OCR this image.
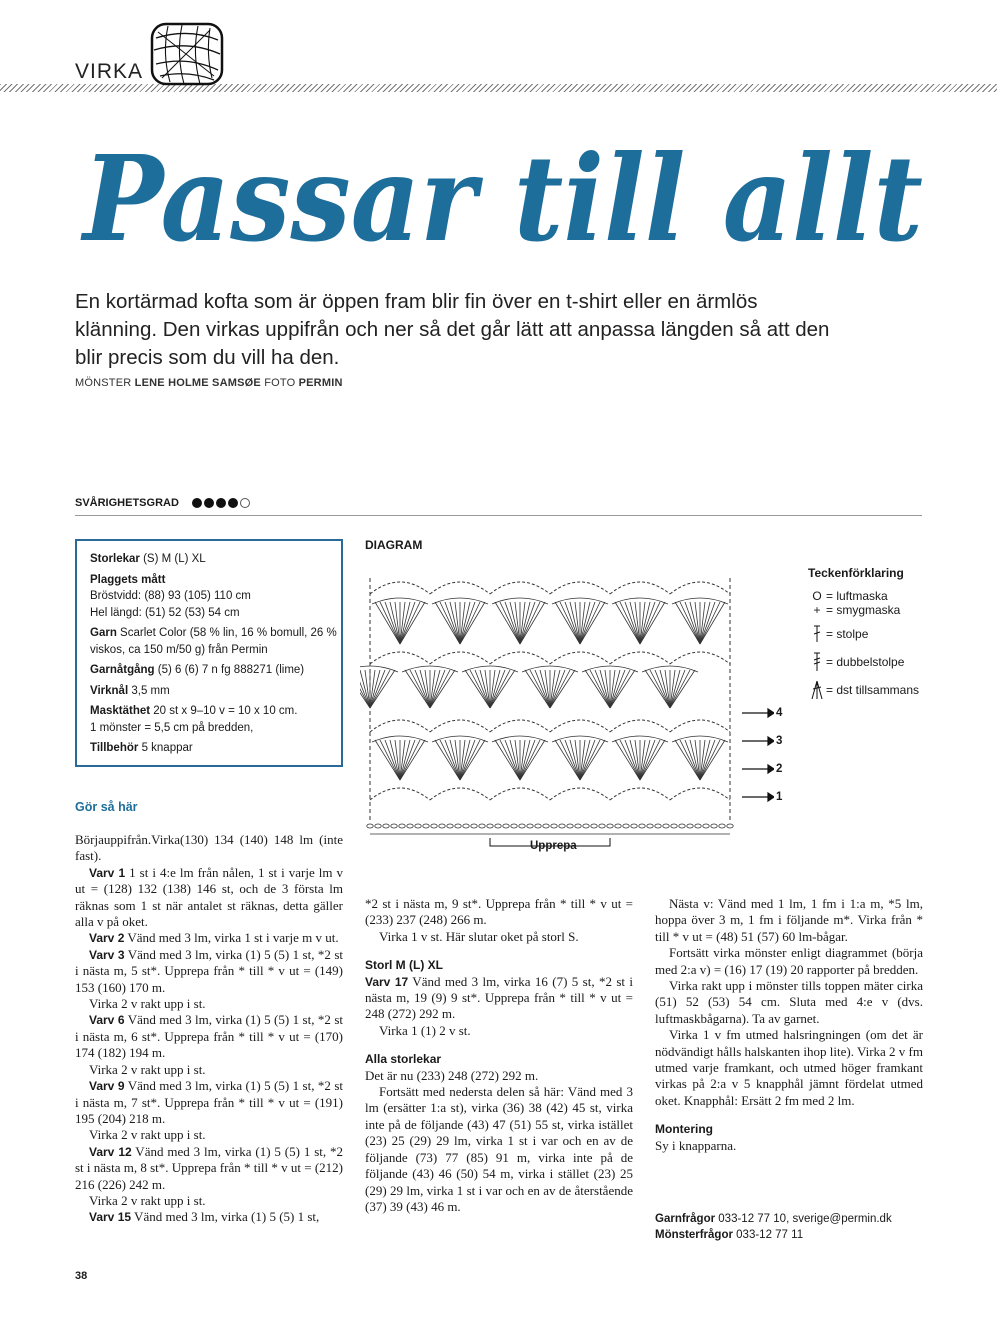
VIRKA
Passar till allt
En kortärmad kofta som är öppen fram blir fin över en t-shirt eller en ärmlös klänning. Den virkas uppifrån och ner så det går lätt att anpassa längden så att den blir precis som du vill ha den.
MÖNSTER LENE HOLME SAMSØE FOTO PERMIN
SVÅRIGHETSGRAD

Storlekar (S) M (L) XL

Plaggets mått

Bröstvidd: (88) 93 (105) 110 cm

Hel längd: (51) 52 (53) 54 cm

Garn Scarlet Color (58 % lin, 16 % bomull, 26 % viskos, ca 150 m/50 g) från Permin

Garnåtgång (5) 6 (6) 7 n fg 888271 (lime)

Virknål 3,5 mm

Masktäthet 20 st x 9–10 v = 10 x 10 cm.

1 mönster = 5,5 cm på bredden,

Tillbehör 5 knappar

Gör så här

Börjauppifrån.Virka(130) 134 (140) 148 lm (inte fast).

Varv 1 1 st i 4:e lm från nålen, 1 st i varje lm v ut = (128) 132 (138) 146 st, och de 3 första lm räknas som 1 st när antalet st räknas, detta gäller alla v på oket.

Varv 2 Vänd med 3 lm, virka 1 st i varje m v ut.

Varv 3 Vänd med 3 lm, virka (1) 5 (5) 1 st, *2 st i nästa m, 5 st*. Upprepa från * till * v ut = (149) 153 (160) 170 m.

Virka 2 v rakt upp i st.

Varv 6 Vänd med 3 lm, virka (1) 5 (5) 1 st, *2 st i nästa m, 6 st*. Upprepa från * till * v ut = (170) 174 (182) 194 m.

Virka 2 v rakt upp i st.

Varv 9 Vänd med 3 lm, virka (1) 5 (5) 1 st, *2 st i nästa m, 7 st*. Upprepa från * till * v ut = (191) 195 (204) 218 m.

Virka 2 v rakt upp i st.

Varv 12 Vänd med 3 lm, virka (1) 5 (5) 1 st, *2 st i nästa m, 8 st*. Upprepa från * till * v ut = (212) 216 (226) 242 m.

Virka 2 v rakt upp i st.

Varv 15 Vänd med 3 lm, virka (1) 5 (5) 1 st,

DIAGRAM
Upprepa
4
3
2
1
Teckenförklaring
O = luftmaska
+ = smygmaska
= stolpe
= dubbelstolpe
= dst tillsammans

*2 st i nästa m, 9 st*. Upprepa från * till * v ut = (233) 237 (248) 266 m.

Virka 1 v st. Här slutar oket på storl S.

Storl M (L) XL

Varv 17 Vänd med 3 lm, virka 16 (7) 5 st, *2 st i nästa m, 19 (9) 9 st*. Upprepa från * till * v ut = 248 (272) 292 m.

Virka 1 (1) 2 v st.

Alla storlekar

Det är nu (233) 248 (272) 292 m.

Fortsätt med nedersta delen så här: Vänd med 3 lm (ersätter 1:a st), virka (36) 38 (42) 45 st, virka inte på de följande (43) 47 (51) 55 st, virka istället (23) 25 (29) 29 lm, virka 1 st i var och en av de följande (73) 77 (85) 91 m, virka inte på de följande (43) 46 (50) 54 m, virka i stället (23) 25 (29) 29 lm, virka 1 st i var och en av de återstående (37) 39 (43) 46 m.

Nästa v: Vänd med 1 lm, 1 fm i 1:a m, *5 lm, hoppa över 3 m, 1 fm i följande m*. Virka från * till * v ut = (48) 51 (57) 60 lm-bågar.

Fortsätt virka mönster enligt diagrammet (börja med 2:a v) = (16) 17 (19) 20 rapporter på bredden.

Virka rakt upp i mönster tills toppen mäter cirka (51) 52 (53) 54 cm. Sluta med 4:e v (dvs. luftmaskbågarna). Ta av garnet.

Virka 1 v fm utmed halsringningen (om det är nödvändigt hålls halskanten ihop lite). Virka 2 v fm utmed varje framkant, och utmed höger framkant virkas på 2:a v 5 knapphål jämnt fördelat utmed oket. Knapphål: Ersätt 2 fm med 2 lm.

Montering

Sy i knapparna.

Garnfrågor 033-12 77 10, sverige@permin.dk
Mönsterfrågor 033-12 77 11
38
